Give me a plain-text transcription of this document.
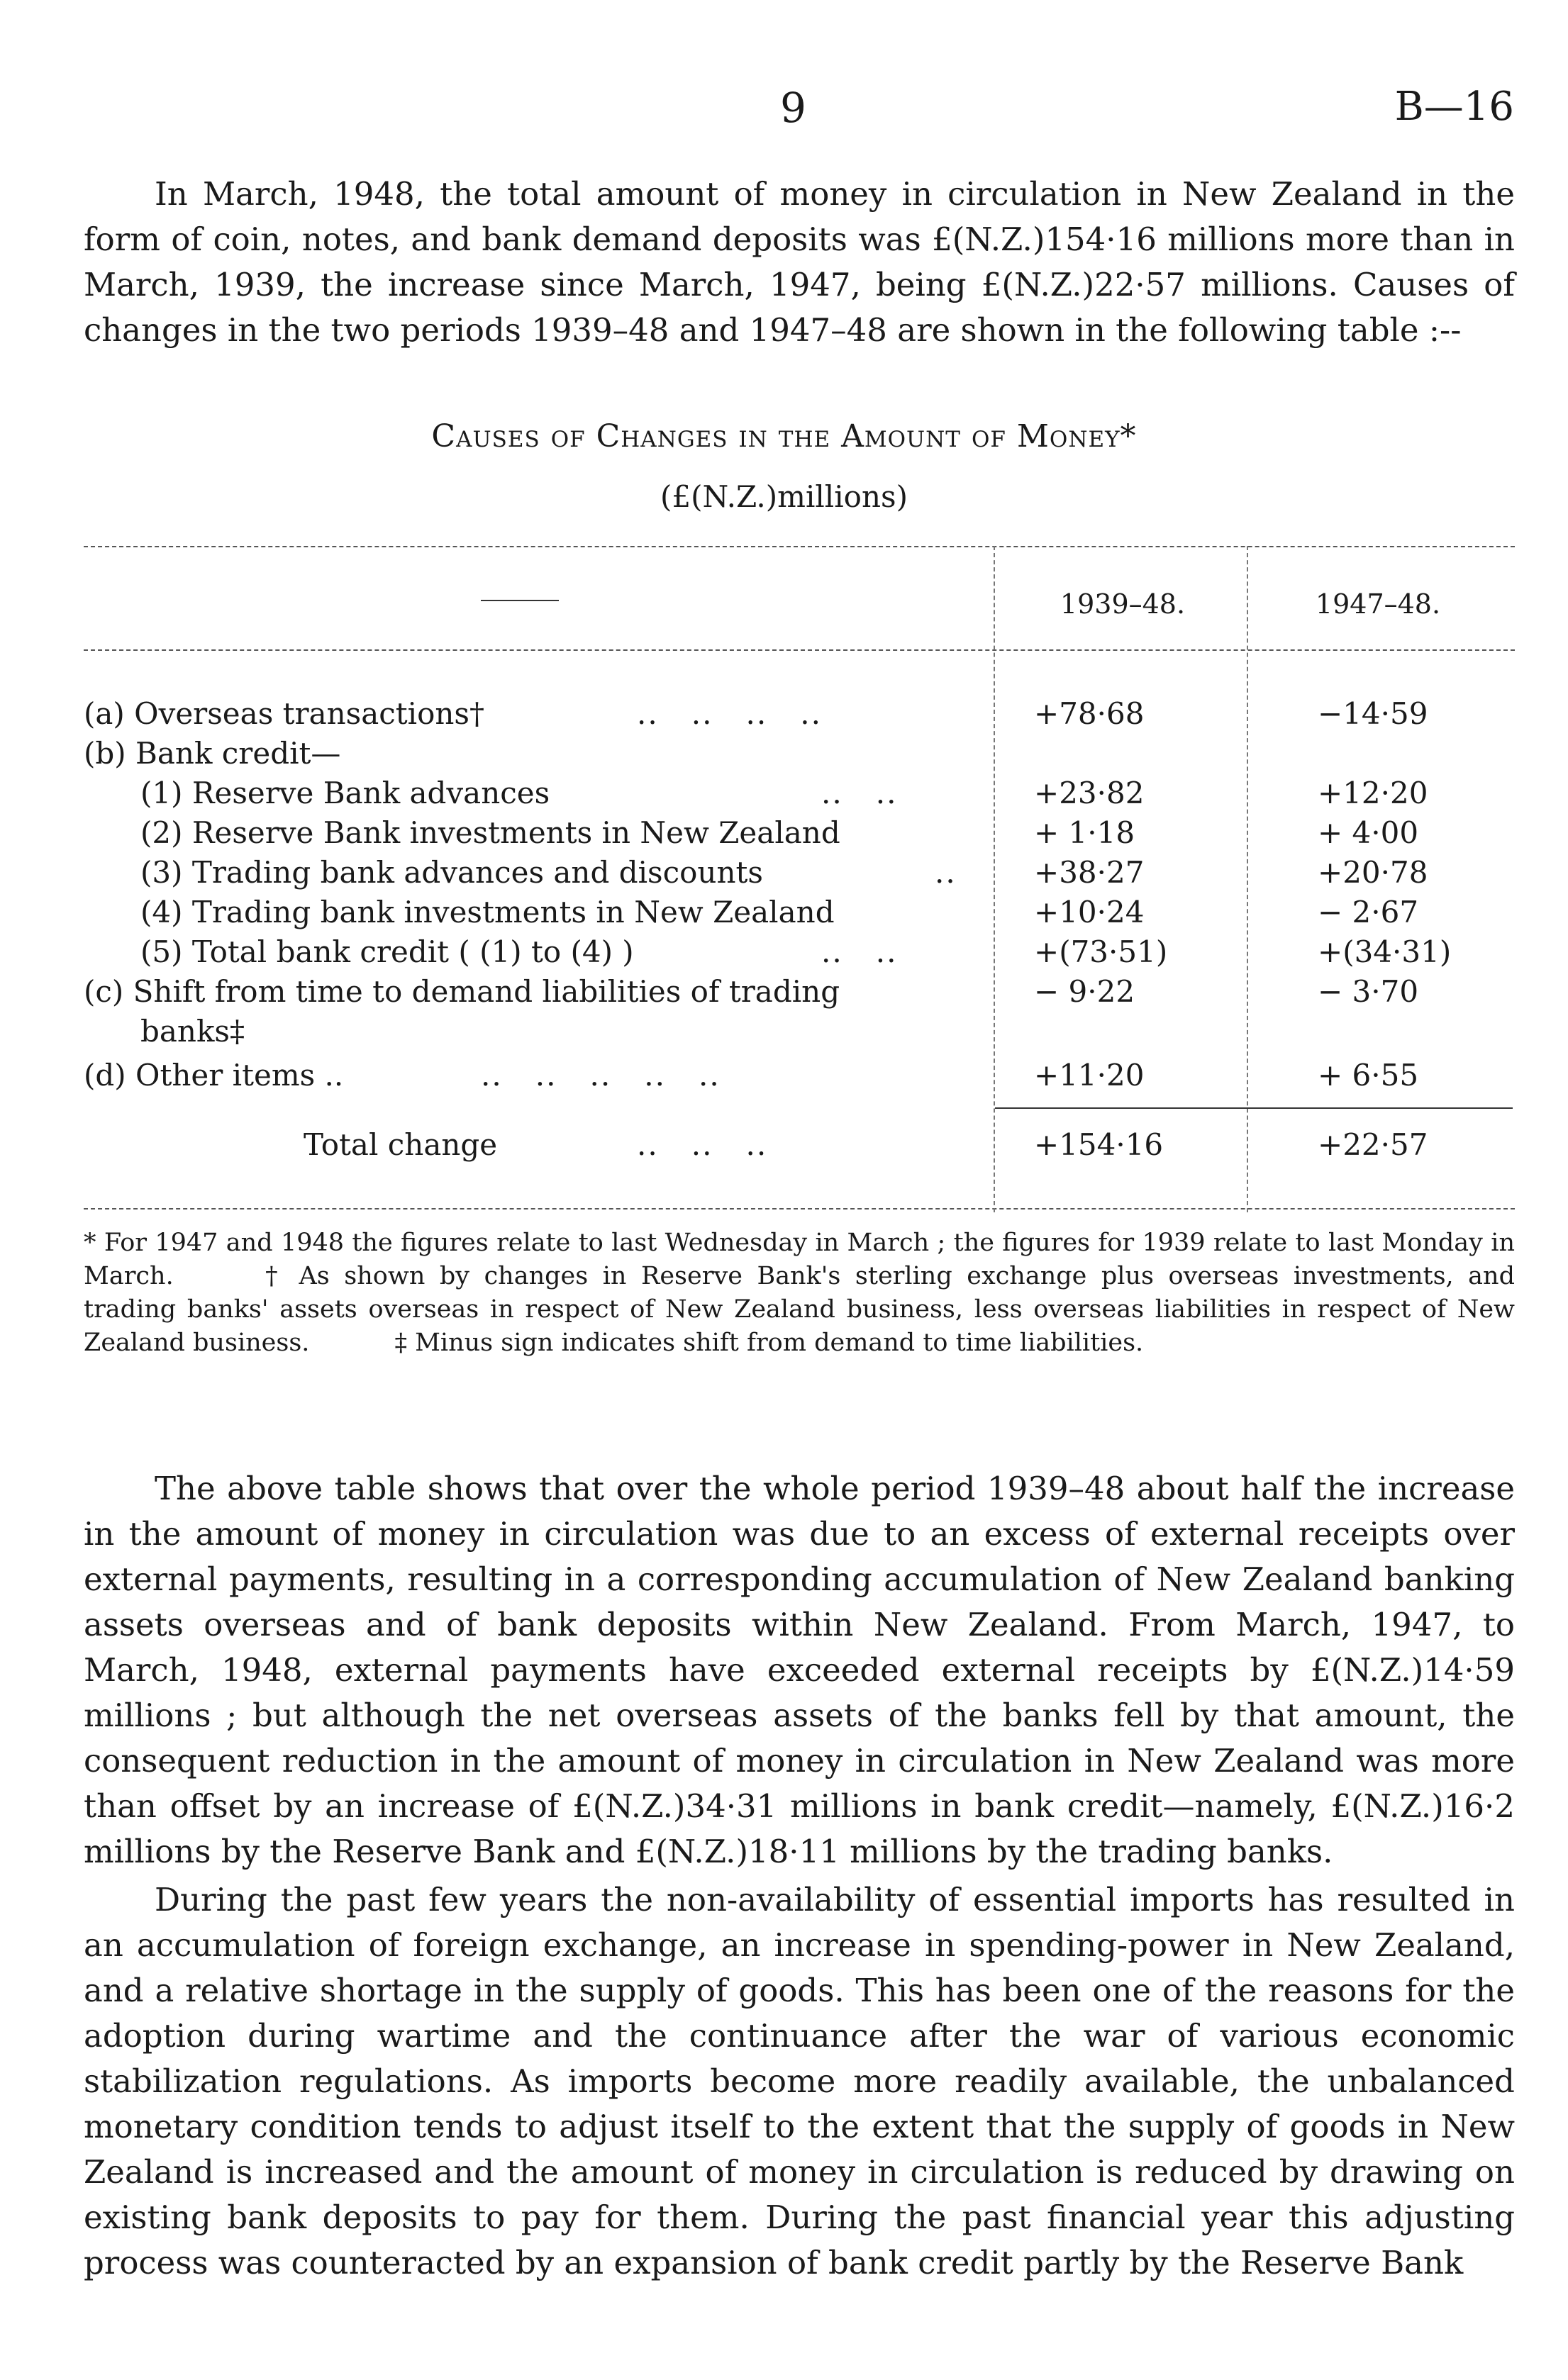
9	B—16

In March, 1948, the total amount of money in circulation in New Zealand in the form of coin, notes, and bank demand deposits was £(N.Z.)154·16 millions more than in March, 1939, the increase since March, 1947, being £(N.Z.)22·57 millions. Causes of changes in the two periods 1939–48 and 1947–48 are shown in the following table :--

Causes of Changes in the Amount of Money*
(£(N.Z.)millions)
1939–48.	1947–48.
(a) Overseas transactions†	..   ..   ..   ..	+78·68	−14·59
(b) Bank credit—
(1) Reserve Bank advances	..   ..	+23·82	+12·20
(2) Reserve Bank investments in New Zealand	+ 1·18	+ 4·00
(3) Trading bank advances and discounts	..	+38·27	+20·78
(4) Trading bank investments in New Zealand	+10·24	− 2·67
(5) Total bank credit ( (1) to (4) )	..   ..	+(73·51)	+(34·31)
(c) Shift from time to demand liabilities of trading	− 9·22	− 3·70
banks‡
(d) Other items ..	..   ..   ..   ..   ..	+11·20	+ 6·55
Total change	..   ..   ..	+154·16	+22·57

* For 1947 and 1948 the figures relate to last Wednesday in March ; the figures for 1939 relate to last Monday in March.	† As shown by changes in Reserve Bank's sterling exchange plus overseas investments, and trading banks' assets overseas in respect of New Zealand business, less overseas liabilities in respect of New Zealand business.	‡ Minus sign indicates shift from demand to time liabilities.

The above table shows that over the whole period 1939–48 about half the increase in the amount of money in circulation was due to an excess of external receipts over external payments, resulting in a corresponding accumulation of New Zealand banking assets overseas and of bank deposits within New Zealand. From March, 1947, to March, 1948, external payments have exceeded external receipts by £(N.Z.)14·59 millions ; but although the net overseas assets of the banks fell by that amount, the consequent reduction in the amount of money in circulation in New Zealand was more than offset by an increase of £(N.Z.)34·31 millions in bank credit—namely, £(N.Z.)16·2 millions by the Reserve Bank and £(N.Z.)18·11 millions by the trading banks.

During the past few years the non-availability of essential imports has resulted in an accumulation of foreign exchange, an increase in spending-power in New Zealand, and a relative shortage in the supply of goods. This has been one of the reasons for the adoption during wartime and the continuance after the war of various economic stabilization regulations. As imports become more readily available, the unbalanced monetary condition tends to adjust itself to the extent that the supply of goods in New Zealand is increased and the amount of money in circulation is reduced by drawing on existing bank deposits to pay for them. During the past financial year this adjusting process was counteracted by an expansion of bank credit partly by the Reserve Bank
